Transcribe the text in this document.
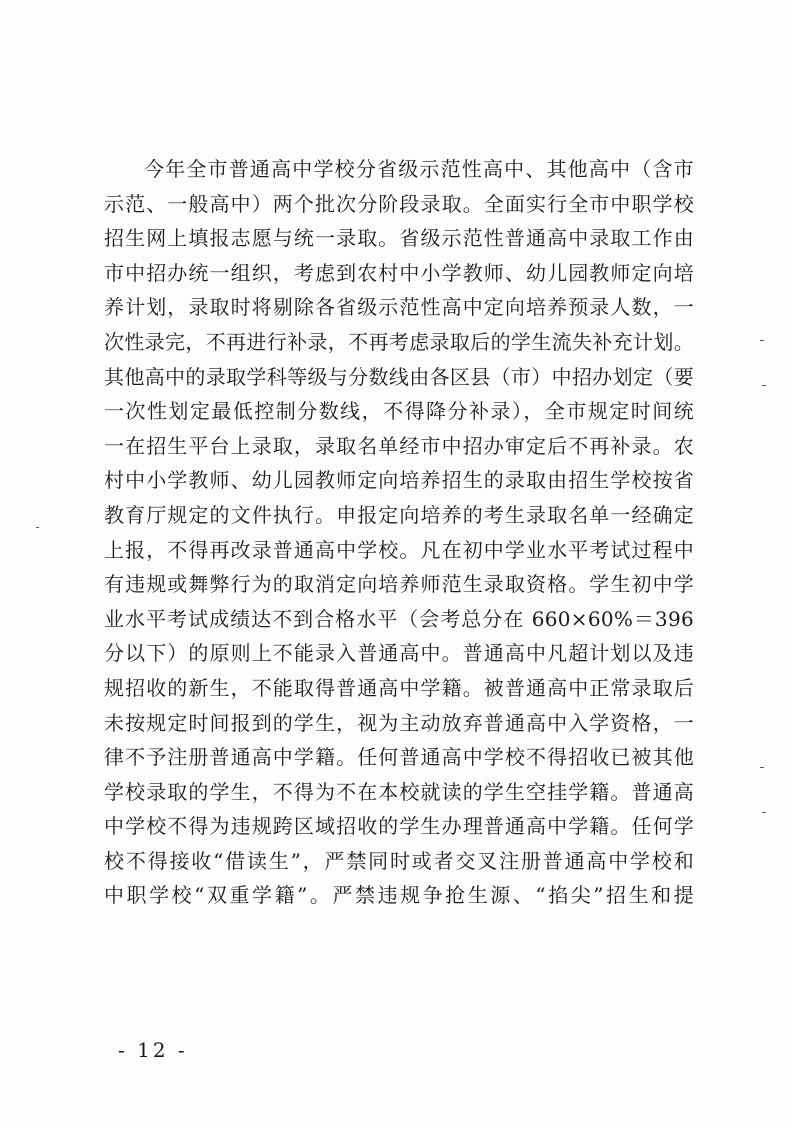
今年全市普通高中学校分省级示范性高中、其他高中（含市
示范、一般高中）两个批次分阶段录取。全面实行全市中职学校
招生网上填报志愿与统一录取。省级示范性普通高中录取工作由
市中招办统一组织，考虑到农村中小学教师、幼儿园教师定向培
养计划，录取时将剔除各省级示范性高中定向培养预录人数，一
次性录完，不再进行补录，不再考虑录取后的学生流失补充计划。
其他高中的录取学科等级与分数线由各区县（市）中招办划定（要
一次性划定最低控制分数线，不得降分补录），全市规定时间统
一在招生平台上录取，录取名单经市中招办审定后不再补录。农
村中小学教师、幼儿园教师定向培养招生的录取由招生学校按省
教育厅规定的文件执行。申报定向培养的考生录取名单一经确定
上报，不得再改录普通高中学校。凡在初中学业水平考试过程中
有违规或舞弊行为的取消定向培养师范生录取资格。学生初中学
业水平考试成绩达不到合格水平（会考总分在 660×60%＝396
分以下）的原则上不能录入普通高中。普通高中凡超计划以及违
规招收的新生，不能取得普通高中学籍。被普通高中正常录取后
未按规定时间报到的学生，视为主动放弃普通高中入学资格，一
律不予注册普通高中学籍。任何普通高中学校不得招收已被其他
学校录取的学生，不得为不在本校就读的学生空挂学籍。普通高
中学校不得为违规跨区域招收的学生办理普通高中学籍。任何学
校不得接收“借读生”，严禁同时或者交叉注册普通高中学校和
中职学校“双重学籍”。严禁违规争抢生源、“掐尖”招生和提
- 12 -
